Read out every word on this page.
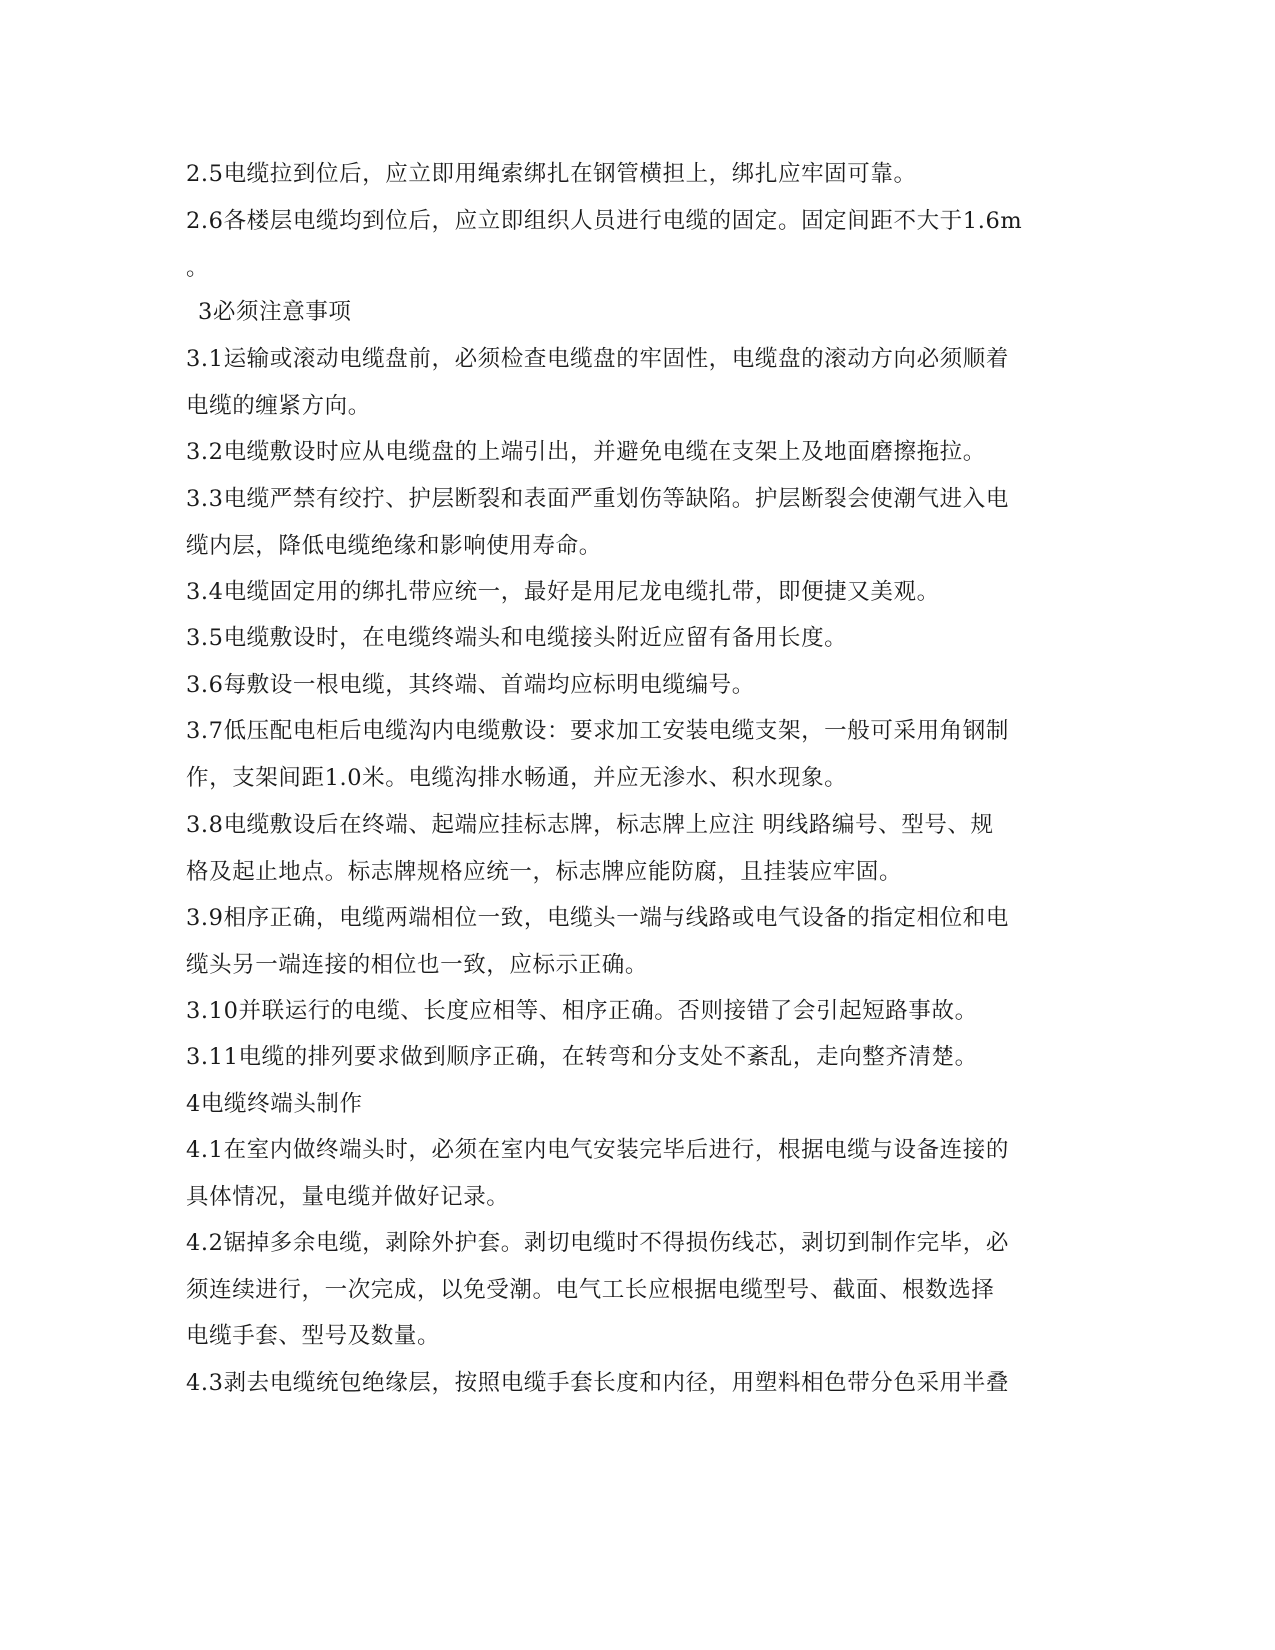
2.5电缆拉到位后，应立即用绳索绑扎在钢管横担上，绑扎应牢固可靠。
2.6各楼层电缆均到位后，应立即组织人员进行电缆的固定。固定间距不大于1.6m
。
3必须注意事项
3.1运输或滚动电缆盘前，必须检查电缆盘的牢固性，电缆盘的滚动方向必须顺着
电缆的缠紧方向。
3.2电缆敷设时应从电缆盘的上端引出，并避免电缆在支架上及地面磨擦拖拉。
3.3电缆严禁有绞拧、护层断裂和表面严重划伤等缺陷。护层断裂会使潮气进入电
缆内层，降低电缆绝缘和影响使用寿命。
3.4电缆固定用的绑扎带应统一，最好是用尼龙电缆扎带，即便捷又美观。
3.5电缆敷设时，在电缆终端头和电缆接头附近应留有备用长度。
3.6每敷设一根电缆，其终端、首端均应标明电缆编号。
3.7低压配电柜后电缆沟内电缆敷设：要求加工安装电缆支架，一般可采用角钢制
作，支架间距1.0米。电缆沟排水畅通，并应无渗水、积水现象。
3.8电缆敷设后在终端、起端应挂标志牌，标志牌上应注 明线路编号、型号、规
格及起止地点。标志牌规格应统一，标志牌应能防腐，且挂装应牢固。
3.9相序正确，电缆两端相位一致，电缆头一端与线路或电气设备的指定相位和电
缆头另一端连接的相位也一致，应标示正确。
3.10并联运行的电缆、长度应相等、相序正确。否则接错了会引起短路事故。
3.11电缆的排列要求做到顺序正确，在转弯和分支处不紊乱，走向整齐清楚。
4电缆终端头制作
4.1在室内做终端头时，必须在室内电气安装完毕后进行，根据电缆与设备连接的
具体情况，量电缆并做好记录。
4.2锯掉多余电缆，剥除外护套。剥切电缆时不得损伤线芯，剥切到制作完毕，必
须连续进行，一次完成，以免受潮。电气工长应根据电缆型号、截面、根数选择
电缆手套、型号及数量。
4.3剥去电缆统包绝缘层，按照电缆手套长度和内径，用塑料相色带分色采用半叠
